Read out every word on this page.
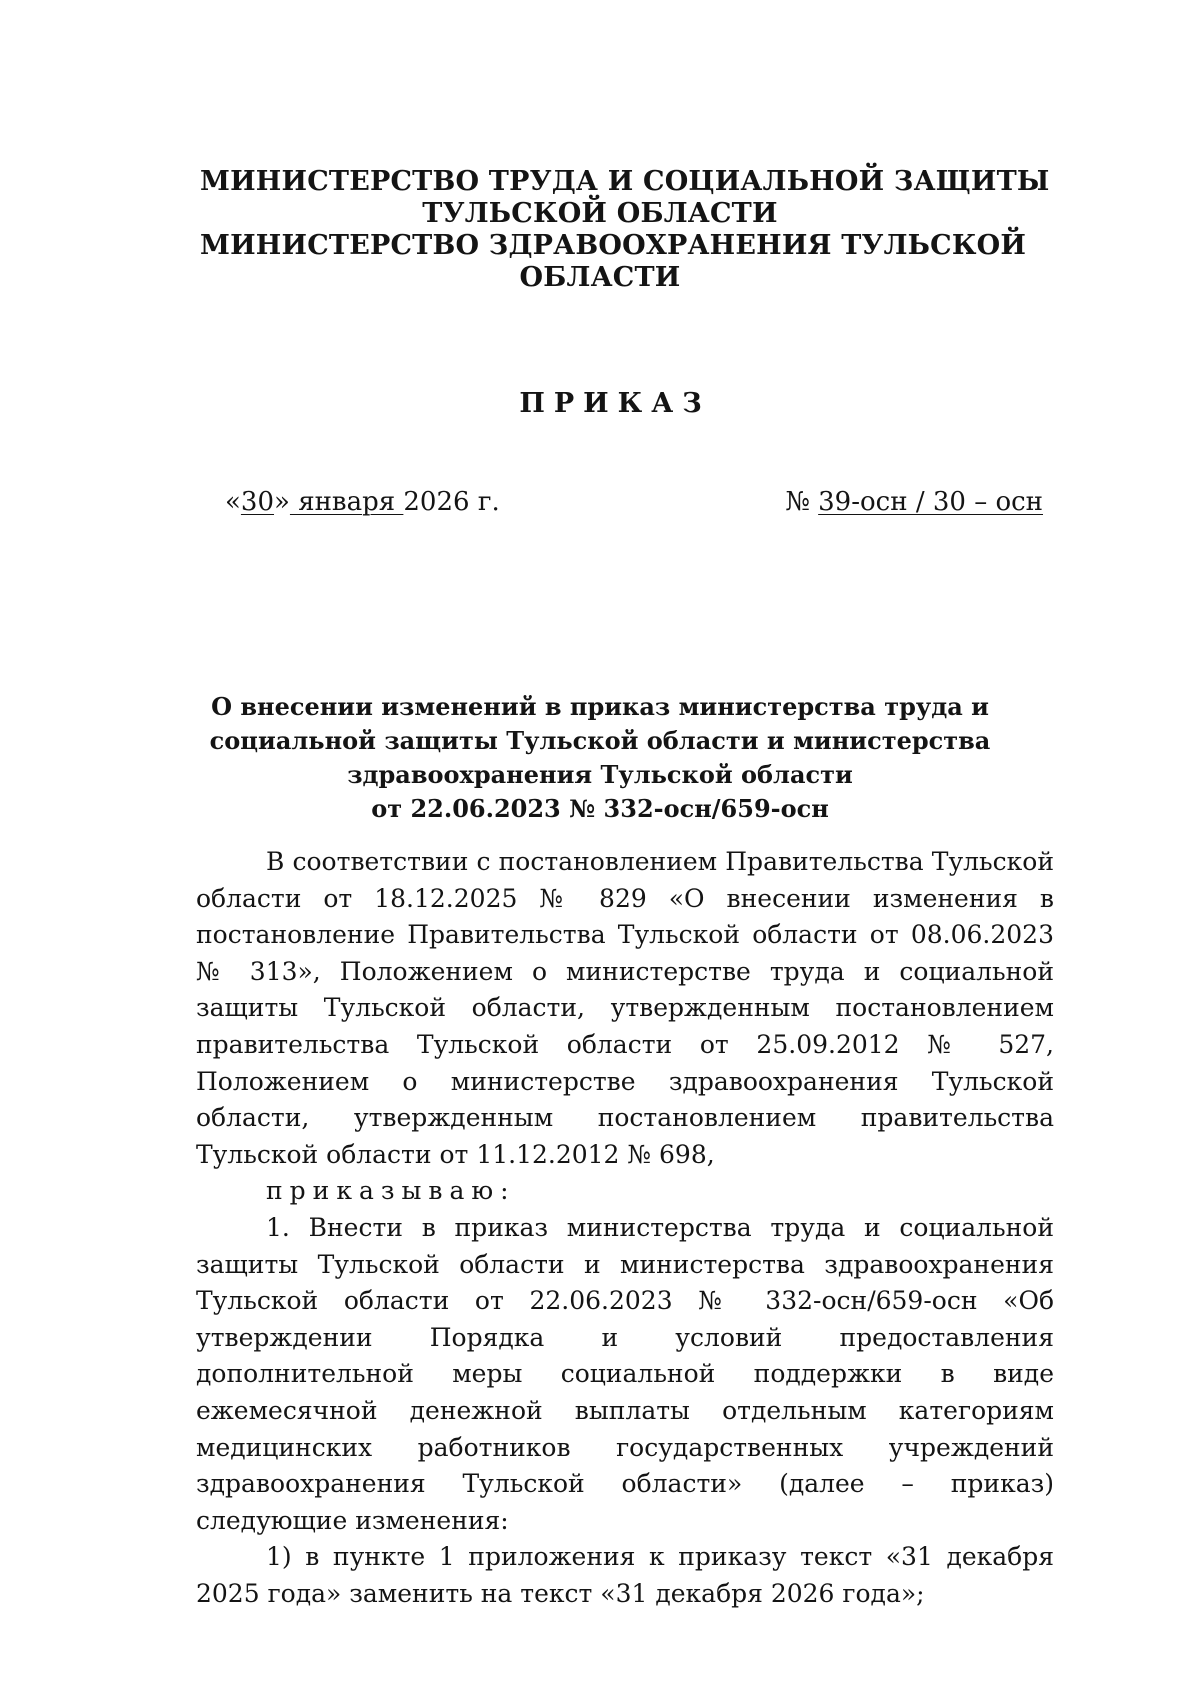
МИНИСТЕРСТВО ТРУДА И СОЦИАЛЬНОЙ ЗАЩИТЫ
ТУЛЬСКОЙ ОБЛАСТИ
МИНИСТЕРСТВО ЗДРАВООХРАНЕНИЯ ТУЛЬСКОЙ
ОБЛАСТИ
ПРИКАЗ
«30» января 2026 г.	№ 39-осн / 30 – осн
О внесении изменений в приказ министерства труда и
социальной защиты Тульской области и министерства
здравоохранения Тульской области
от 22.06.2023 № 332-осн/659-осн

В соответствии с постановлением Правительства Тульской области от 18.12.2025 № 829 «О внесении изменения в постановление Правительства Тульской области от 08.06.2023 № 313», Положением о министерстве труда и социальной защиты Тульской области, утвержденным постановлением правительства Тульской области от 25.09.2012 № 527, Положением о министерстве здравоохранения Тульской области, утвержденным постановлением правительства Тульской области от 11.12.2012 № 698,

приказываю:

1. Внести в приказ министерства труда и социальной защиты Тульской области и министерства здравоохранения Тульской области от 22.06.2023 № 332-осн/659-осн «Об утверждении Порядка и условий предоставления дополнительной меры социальной поддержки в виде ежемесячной денежной выплаты отдельным категориям медицинских работников государственных учреждений здравоохранения Тульской области» (далее – приказ) следующие изменения:

1) в пункте 1 приложения к приказу текст «31 декабря 2025 года» заменить на текст «31 декабря 2026 года»;
